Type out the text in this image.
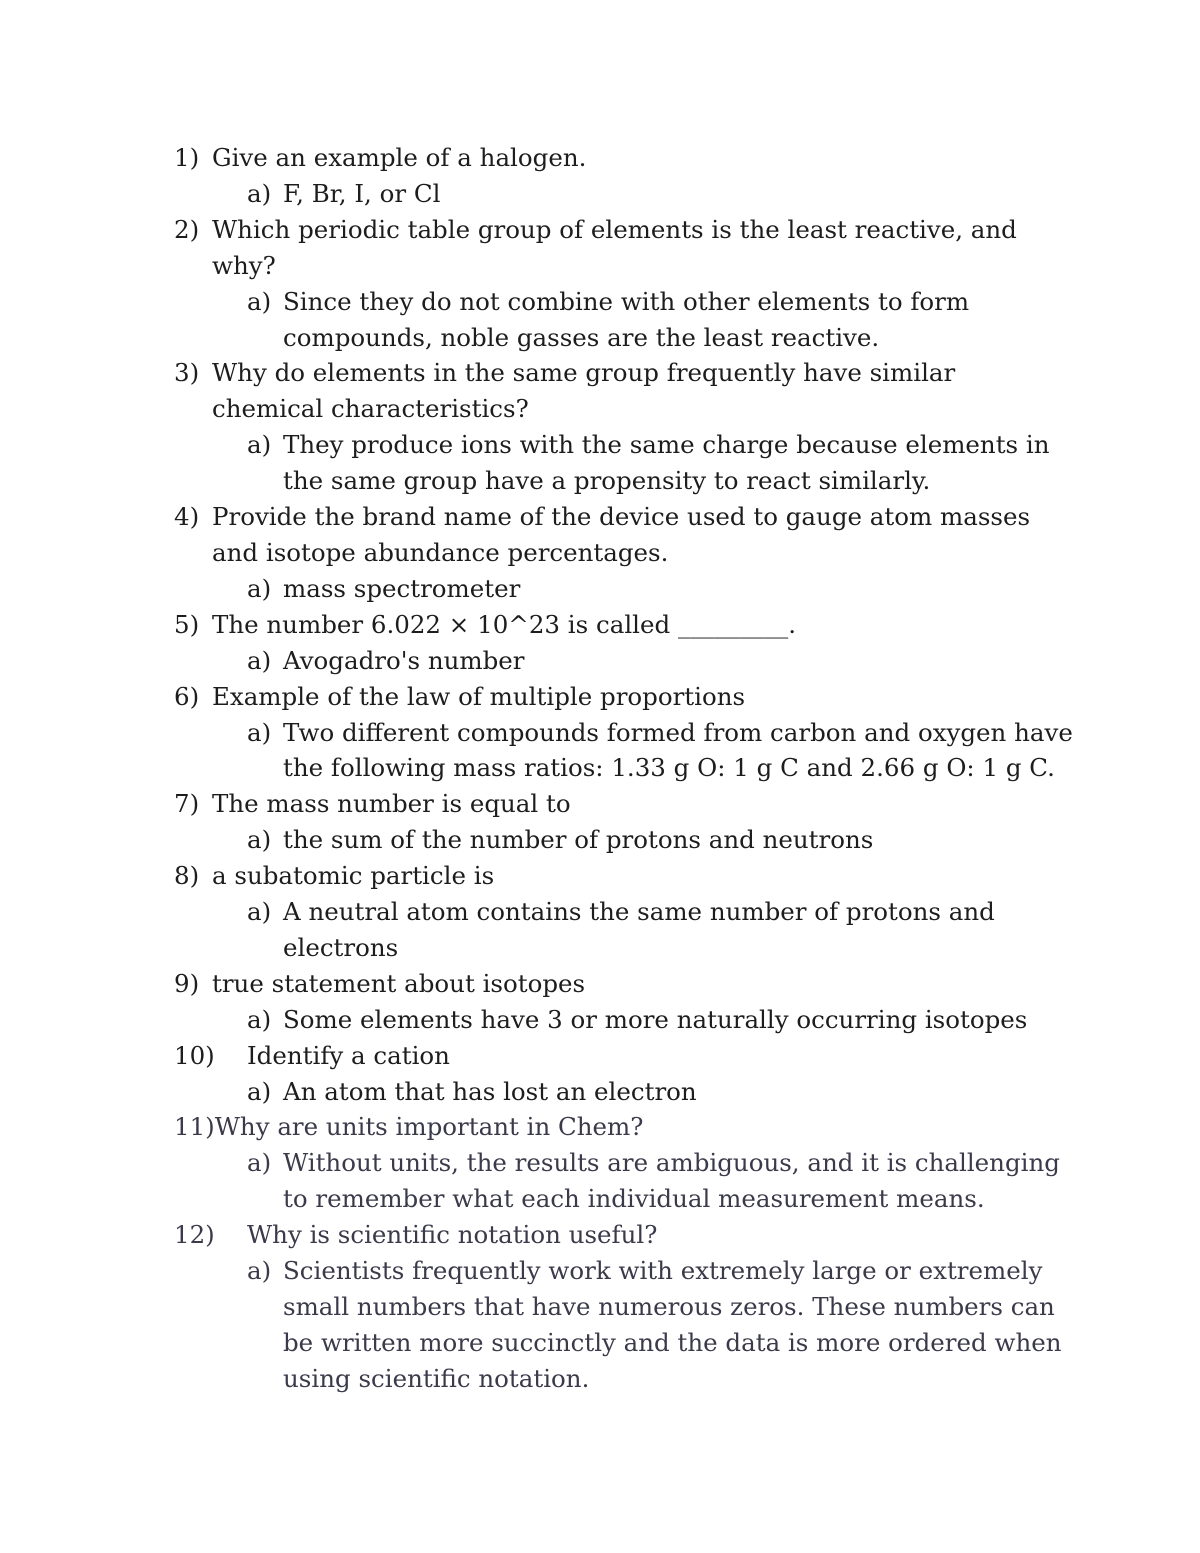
1) Give an example of a halogen.
a) F, Br, I, or Cl
2) Which periodic table group of elements is the least reactive, and why?
a) Since they do not combine with other elements to form compounds, noble gasses are the least reactive.
3) Why do elements in the same group frequently have similar chemical characteristics?
a) They produce ions with the same charge because elements in the same group have a propensity to react similarly.
4) Provide the brand name of the device used to gauge atom masses and isotope abundance percentages.
a) mass spectrometer
5) The number 6.022 × 10^23 is called _________.
a) Avogadro's number
6) Example of the law of multiple proportions
a) Two different compounds formed from carbon and oxygen have the following mass ratios: 1.33 g O: 1 g C and 2.66 g O: 1 g C.
7) The mass number is equal to
a) the sum of the number of protons and neutrons
8) a subatomic particle is
a) A neutral atom contains the same number of protons and electrons
9) true statement about isotopes
a) Some elements have 3 or more naturally occurring isotopes
10)	Identify a cation
a) An atom that has lost an electron
11) Why are units important in Chem?
a) Without units, the results are ambiguous, and it is challenging to remember what each individual measurement means.
12)	Why is scientific notation useful?
a) Scientists frequently work with extremely large or extremely small numbers that have numerous zeros. These numbers can be written more succinctly and the data is more ordered when using scientific notation.
